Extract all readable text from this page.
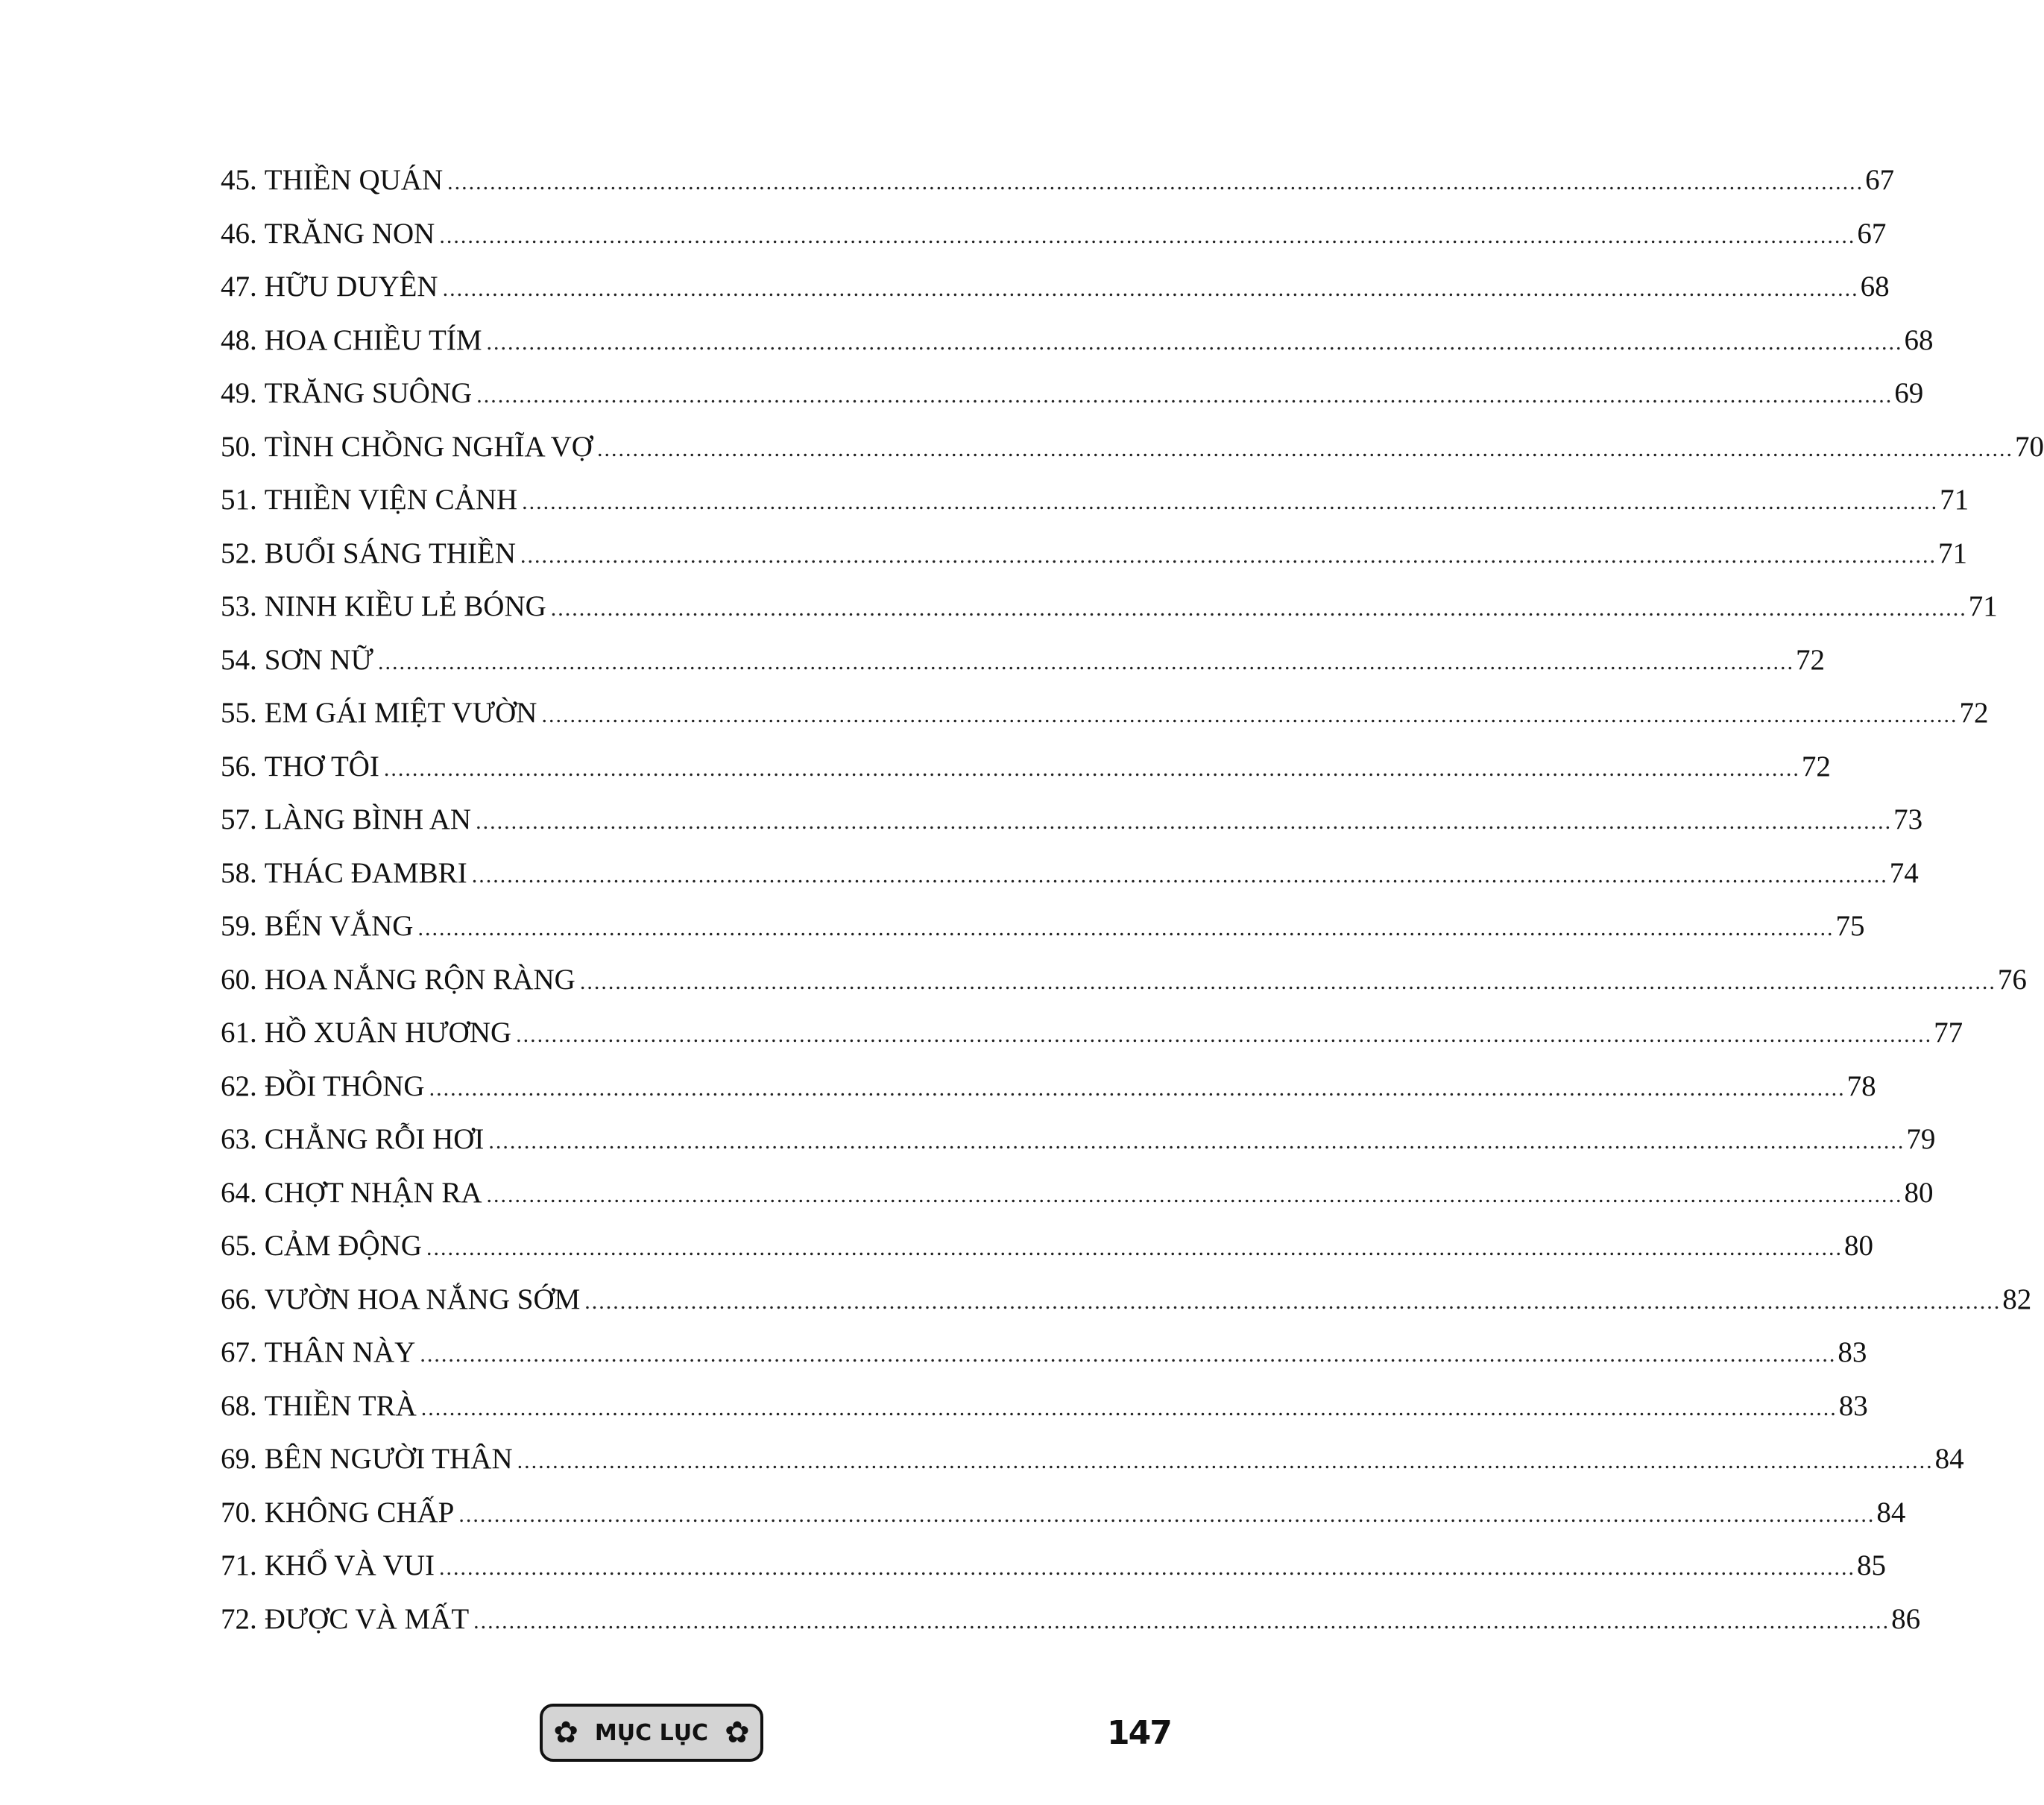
45. THIỀN QUÁN ........................................................................................................................................................................................................ 67
46. TRĂNG NON ........................................................................................................................................................................................................ 67
47. HỮU DUYÊN ........................................................................................................................................................................................................ 68
48. HOA CHIỀU TÍM ........................................................................................................................................................................................................ 68
49. TRĂNG SUÔNG ........................................................................................................................................................................................................ 69
50. TÌNH CHỒNG NGHĨA VỢ ........................................................................................................................................................................................................ 70
51. THIỀN VIỆN CẢNH ........................................................................................................................................................................................................ 71
52. BUỔI SÁNG THIỀN ........................................................................................................................................................................................................ 71
53. NINH KIỀU LẺ BÓNG ........................................................................................................................................................................................................ 71
54. SƠN NỮ ........................................................................................................................................................................................................ 72
55. EM GÁI MIỆT VƯỜN ........................................................................................................................................................................................................ 72
56. THƠ TÔI ........................................................................................................................................................................................................ 72
57. LÀNG BÌNH AN ........................................................................................................................................................................................................ 73
58. THÁC ĐAMBRI ........................................................................................................................................................................................................ 74
59. BẾN VẮNG ........................................................................................................................................................................................................ 75
60. HOA NẮNG RỘN RÀNG ........................................................................................................................................................................................................ 76
61. HỒ XUÂN HƯƠNG ........................................................................................................................................................................................................ 77
62. ĐỒI THÔNG ........................................................................................................................................................................................................ 78
63. CHẲNG RỖI HƠI ........................................................................................................................................................................................................ 79
64. CHỢT NHẬN RA ........................................................................................................................................................................................................ 80
65. CẢM ĐỘNG ........................................................................................................................................................................................................ 80
66. VƯỜN HOA NẮNG SỚM ........................................................................................................................................................................................................ 82
67. THÂN NÀY ........................................................................................................................................................................................................ 83
68. THIỀN TRÀ ........................................................................................................................................................................................................ 83
69. BÊN NGƯỜI THÂN ........................................................................................................................................................................................................ 84
70. KHÔNG CHẤP ........................................................................................................................................................................................................ 84
71. KHỔ VÀ VUI ........................................................................................................................................................................................................ 85
72. ĐƯỢC VÀ MẤT ........................................................................................................................................................................................................ 86
✿ MỤC LỤC ✿	147
